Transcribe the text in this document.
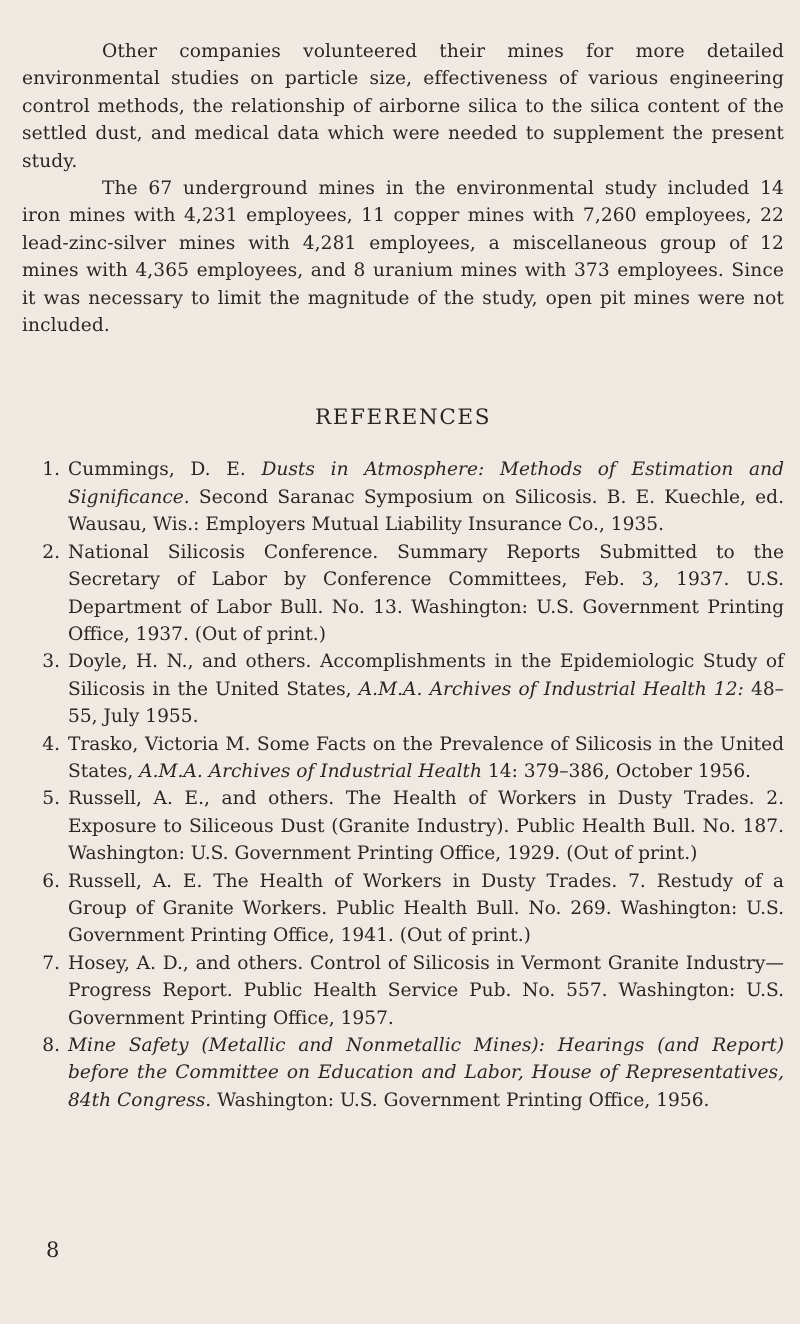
Other companies volunteered their mines for more detailed environmental studies on particle size, effectiveness of various engineering control methods, the relationship of airborne silica to the silica content of the settled dust, and medical data which were needed to supplement the present study.

The 67 underground mines in the environmental study included 14 iron mines with 4,231 employees, 11 copper mines with 7,260 employees, 22 lead-zinc-silver mines with 4,281 employees, a miscellaneous group of 12 mines with 4,365 employees, and 8 uranium mines with 373 employees. Since it was necessary to limit the magnitude of the study, open pit mines were not included.

REFERENCES
1. Cummings, D. E. Dusts in Atmosphere: Methods of Estimation and Significance. Second Saranac Symposium on Silicosis. B. E. Kuechle, ed. Wausau, Wis.: Employers Mutual Liability Insurance Co., 1935.
2. National Silicosis Conference. Summary Reports Submitted to the Secretary of Labor by Conference Committees, Feb. 3, 1937. U.S. Department of Labor Bull. No. 13. Washington: U.S. Government Printing Office, 1937. (Out of print.)
3. Doyle, H. N., and others. Accomplishments in the Epidemiologic Study of Silicosis in the United States, A.M.A. Archives of Industrial Health 12: 48–55, July 1955.
4. Trasko, Victoria M. Some Facts on the Prevalence of Silicosis in the United States, A.M.A. Archives of Industrial Health 14: 379–386, October 1956.
5. Russell, A. E., and others. The Health of Workers in Dusty Trades. 2. Exposure to Siliceous Dust (Granite Industry). Public Health Bull. No. 187. Washington: U.S. Government Printing Office, 1929. (Out of print.)
6. Russell, A. E. The Health of Workers in Dusty Trades. 7. Restudy of a Group of Granite Workers. Public Health Bull. No. 269. Washington: U.S. Government Printing Office, 1941. (Out of print.)
7. Hosey, A. D., and others. Control of Silicosis in Vermont Granite Industry—Progress Report. Public Health Service Pub. No. 557. Washington: U.S. Government Printing Office, 1957.
8. Mine Safety (Metallic and Nonmetallic Mines): Hearings (and Report) before the Committee on Education and Labor, House of Representatives, 84th Congress. Washington: U.S. Government Printing Office, 1956.
8
